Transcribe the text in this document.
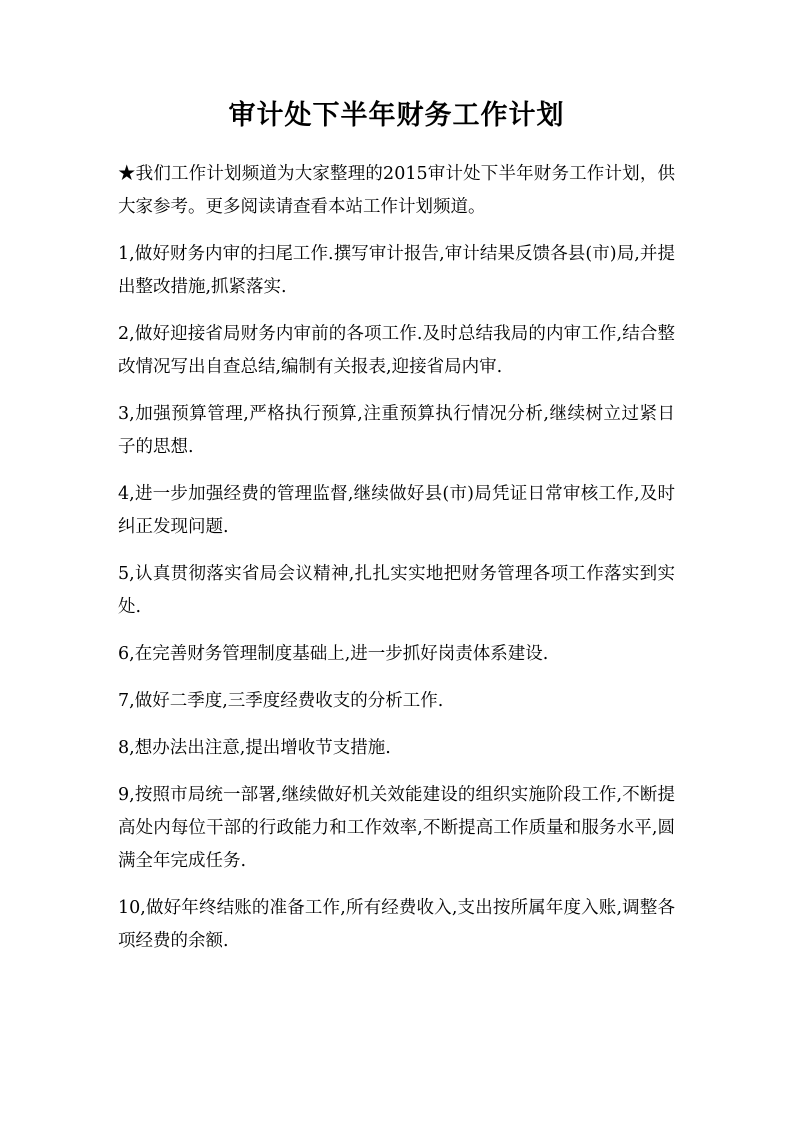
审计处下半年财务工作计划

★我们工作计划频道为大家整理的2015审计处下半年财务工作计划，供大家参考。更多阅读请查看本站工作计划频道。

1,做好财务内审的扫尾工作.撰写审计报告,审计结果反馈各县(市)局,并提出整改措施,抓紧落实.

2,做好迎接省局财务内审前的各项工作.及时总结我局的内审工作,结合整改情况写出自查总结,编制有关报表,迎接省局内审.

3,加强预算管理,严格执行预算,注重预算执行情况分析,继续树立过紧日子的思想.

4,进一步加强经费的管理监督,继续做好县(市)局凭证日常审核工作,及时纠正发现问题.

5,认真贯彻落实省局会议精神,扎扎实实地把财务管理各项工作落实到实处.

6,在完善财务管理制度基础上,进一步抓好岗责体系建设.

7,做好二季度,三季度经费收支的分析工作.

8,想办法出注意,提出增收节支措施.

9,按照市局统一部署,继续做好机关效能建设的组织实施阶段工作,不断提高处内每位干部的行政能力和工作效率,不断提高工作质量和服务水平,圆满全年完成任务.

10,做好年终结账的准备工作,所有经费收入,支出按所属年度入账,调整各项经费的余额.
